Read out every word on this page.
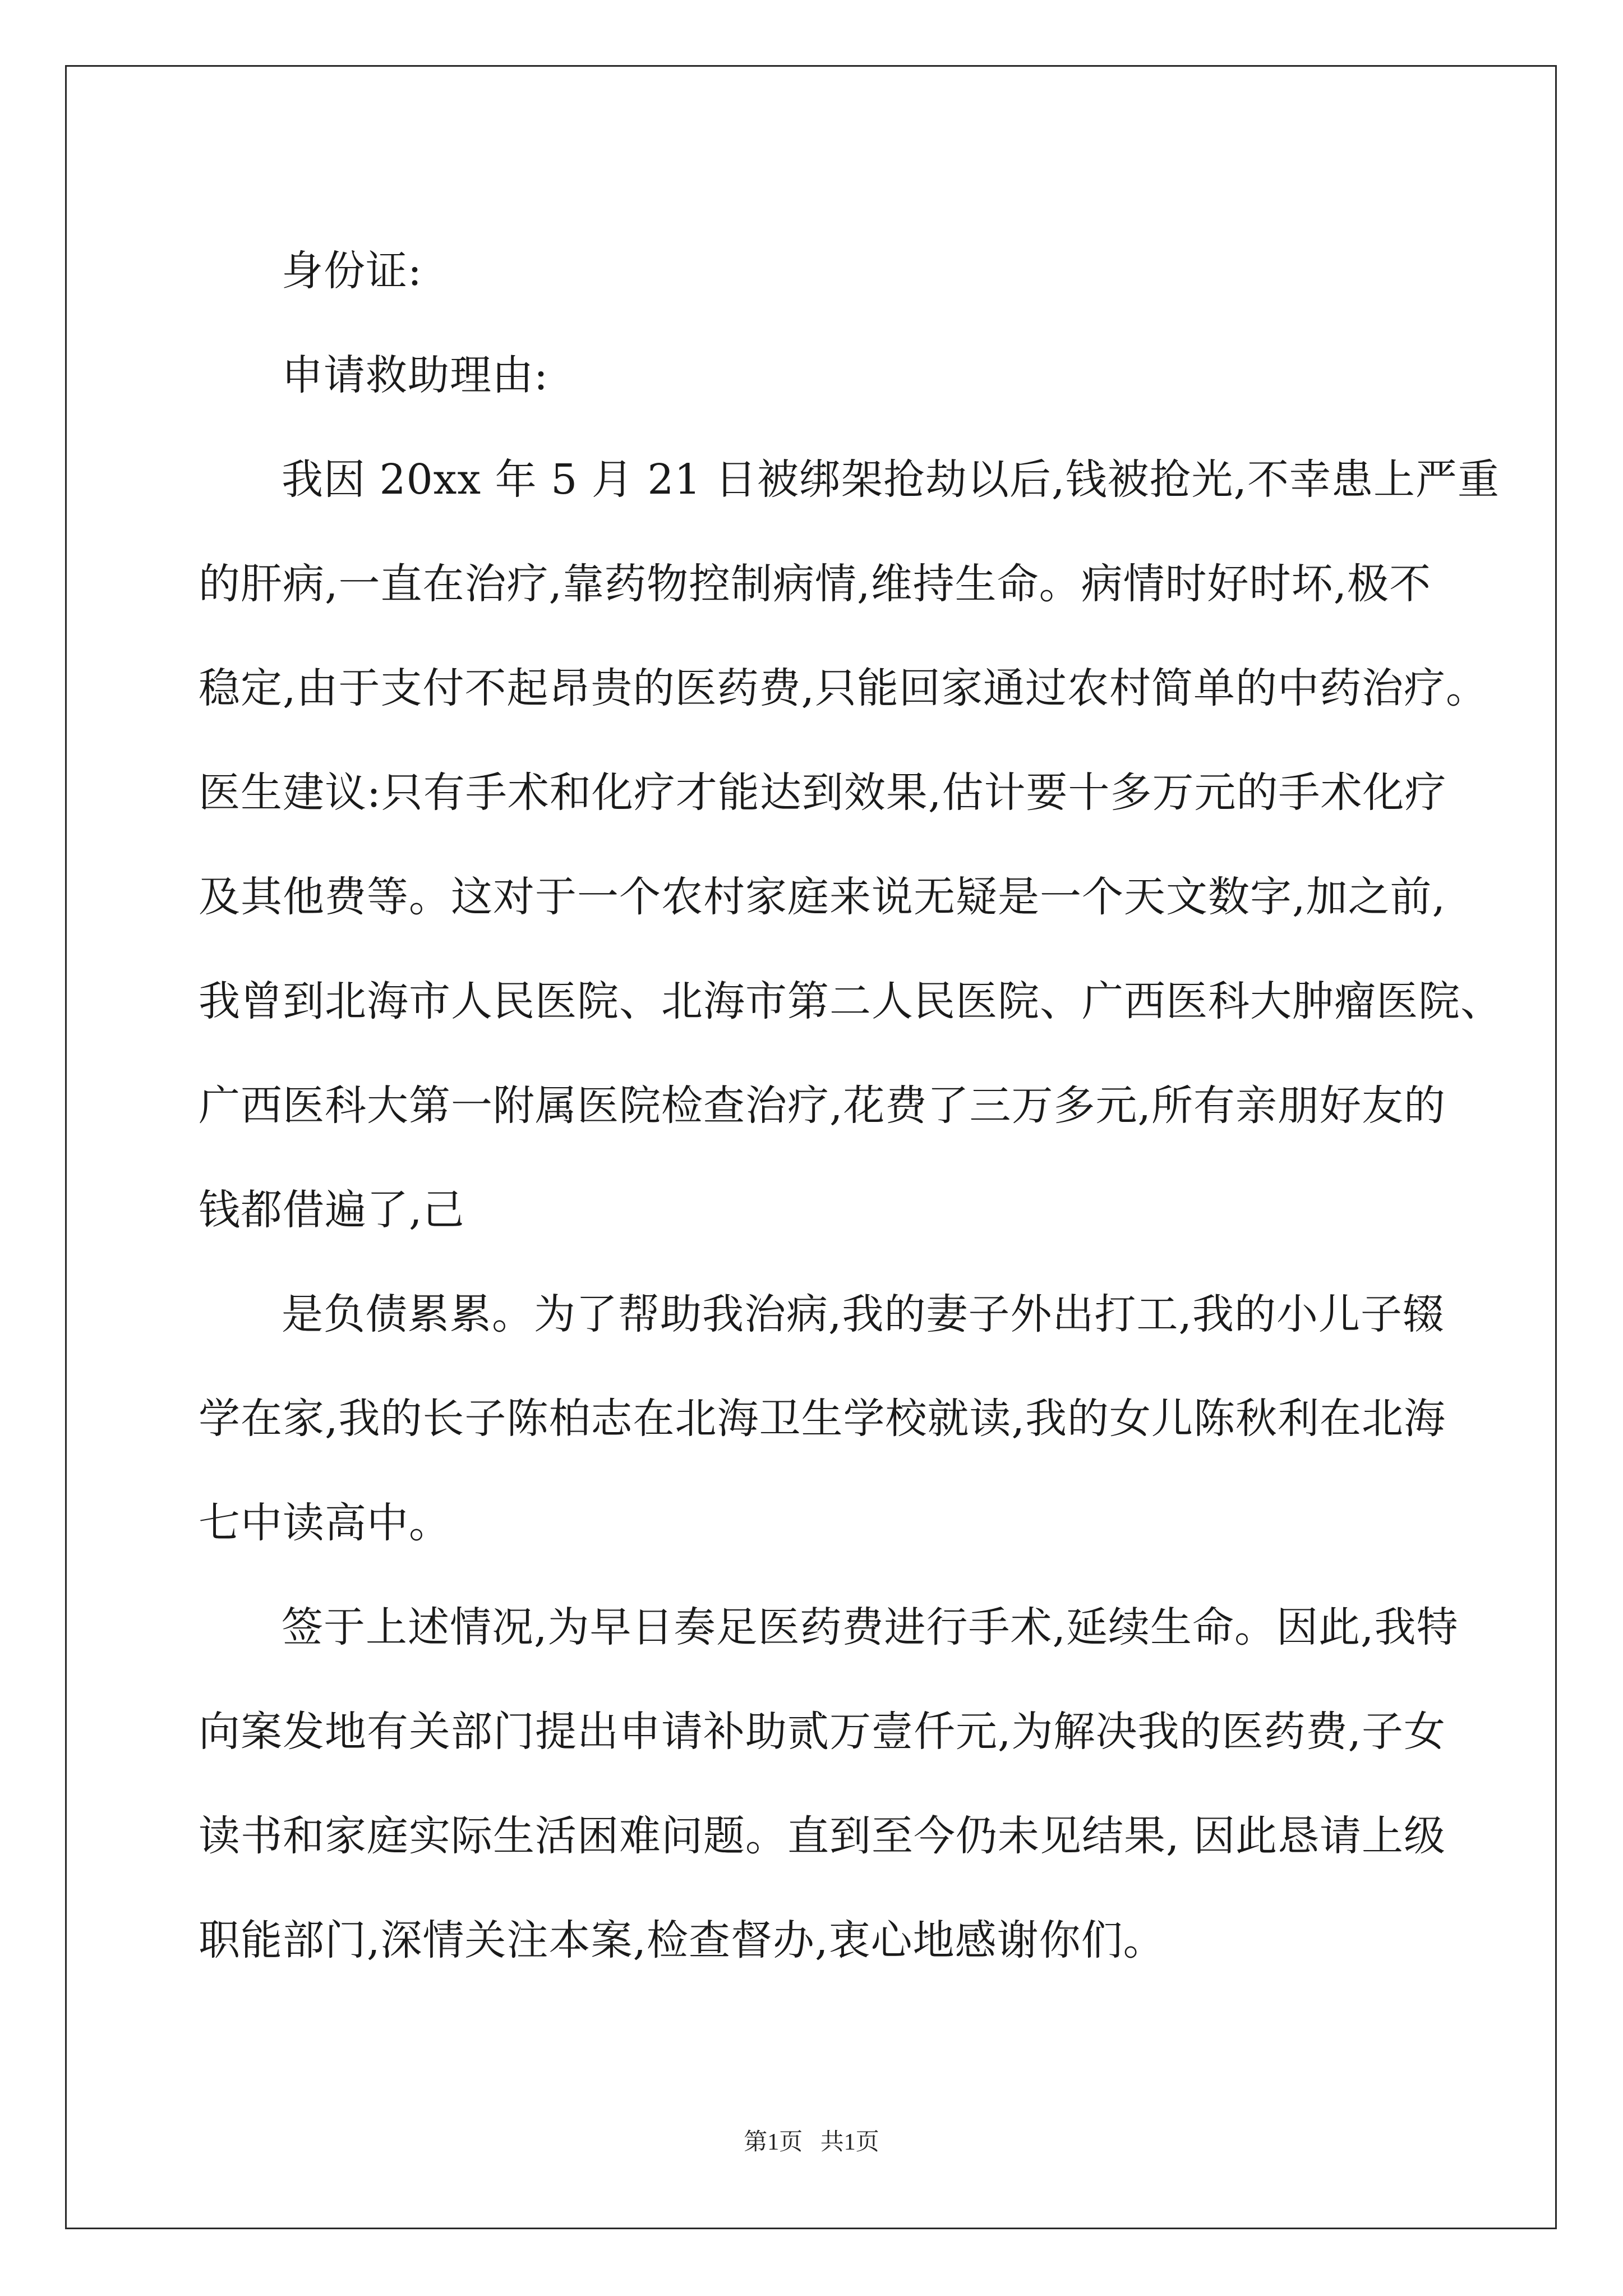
身份证:

申请救助理由:

我因 20xx 年 5 月 21 日被绑架抢劫以后,钱被抢光,不幸患上严重
的肝病,一直在治疗,靠药物控制病情,维持生命。病情时好时坏,极不
稳定,由于支付不起昂贵的医药费,只能回家通过农村简单的中药治疗。
医生建议:只有手术和化疗才能达到效果,估计要十多万元的手术化疗
及其他费等。这对于一个农村家庭来说无疑是一个天文数字,加之前,
我曾到北海市人民医院、北海市第二人民医院、广西医科大肿瘤医院、
广西医科大第一附属医院检查治疗,花费了三万多元,所有亲朋好友的
钱都借遍了,己

是负债累累。为了帮助我治病,我的妻子外出打工,我的小儿子辍
学在家,我的长子陈柏志在北海卫生学校就读,我的女儿陈秋利在北海
七中读高中。

签于上述情况,为早日奏足医药费进行手术,延续生命。因此,我特
向案发地有关部门提出申请补助贰万壹仟元,为解决我的医药费,子女
读书和家庭实际生活困难问题。直到至今仍未见结果, 因此恳请上级
职能部门,深情关注本案,检查督办,衷心地感谢你们。

第1页   共1页
